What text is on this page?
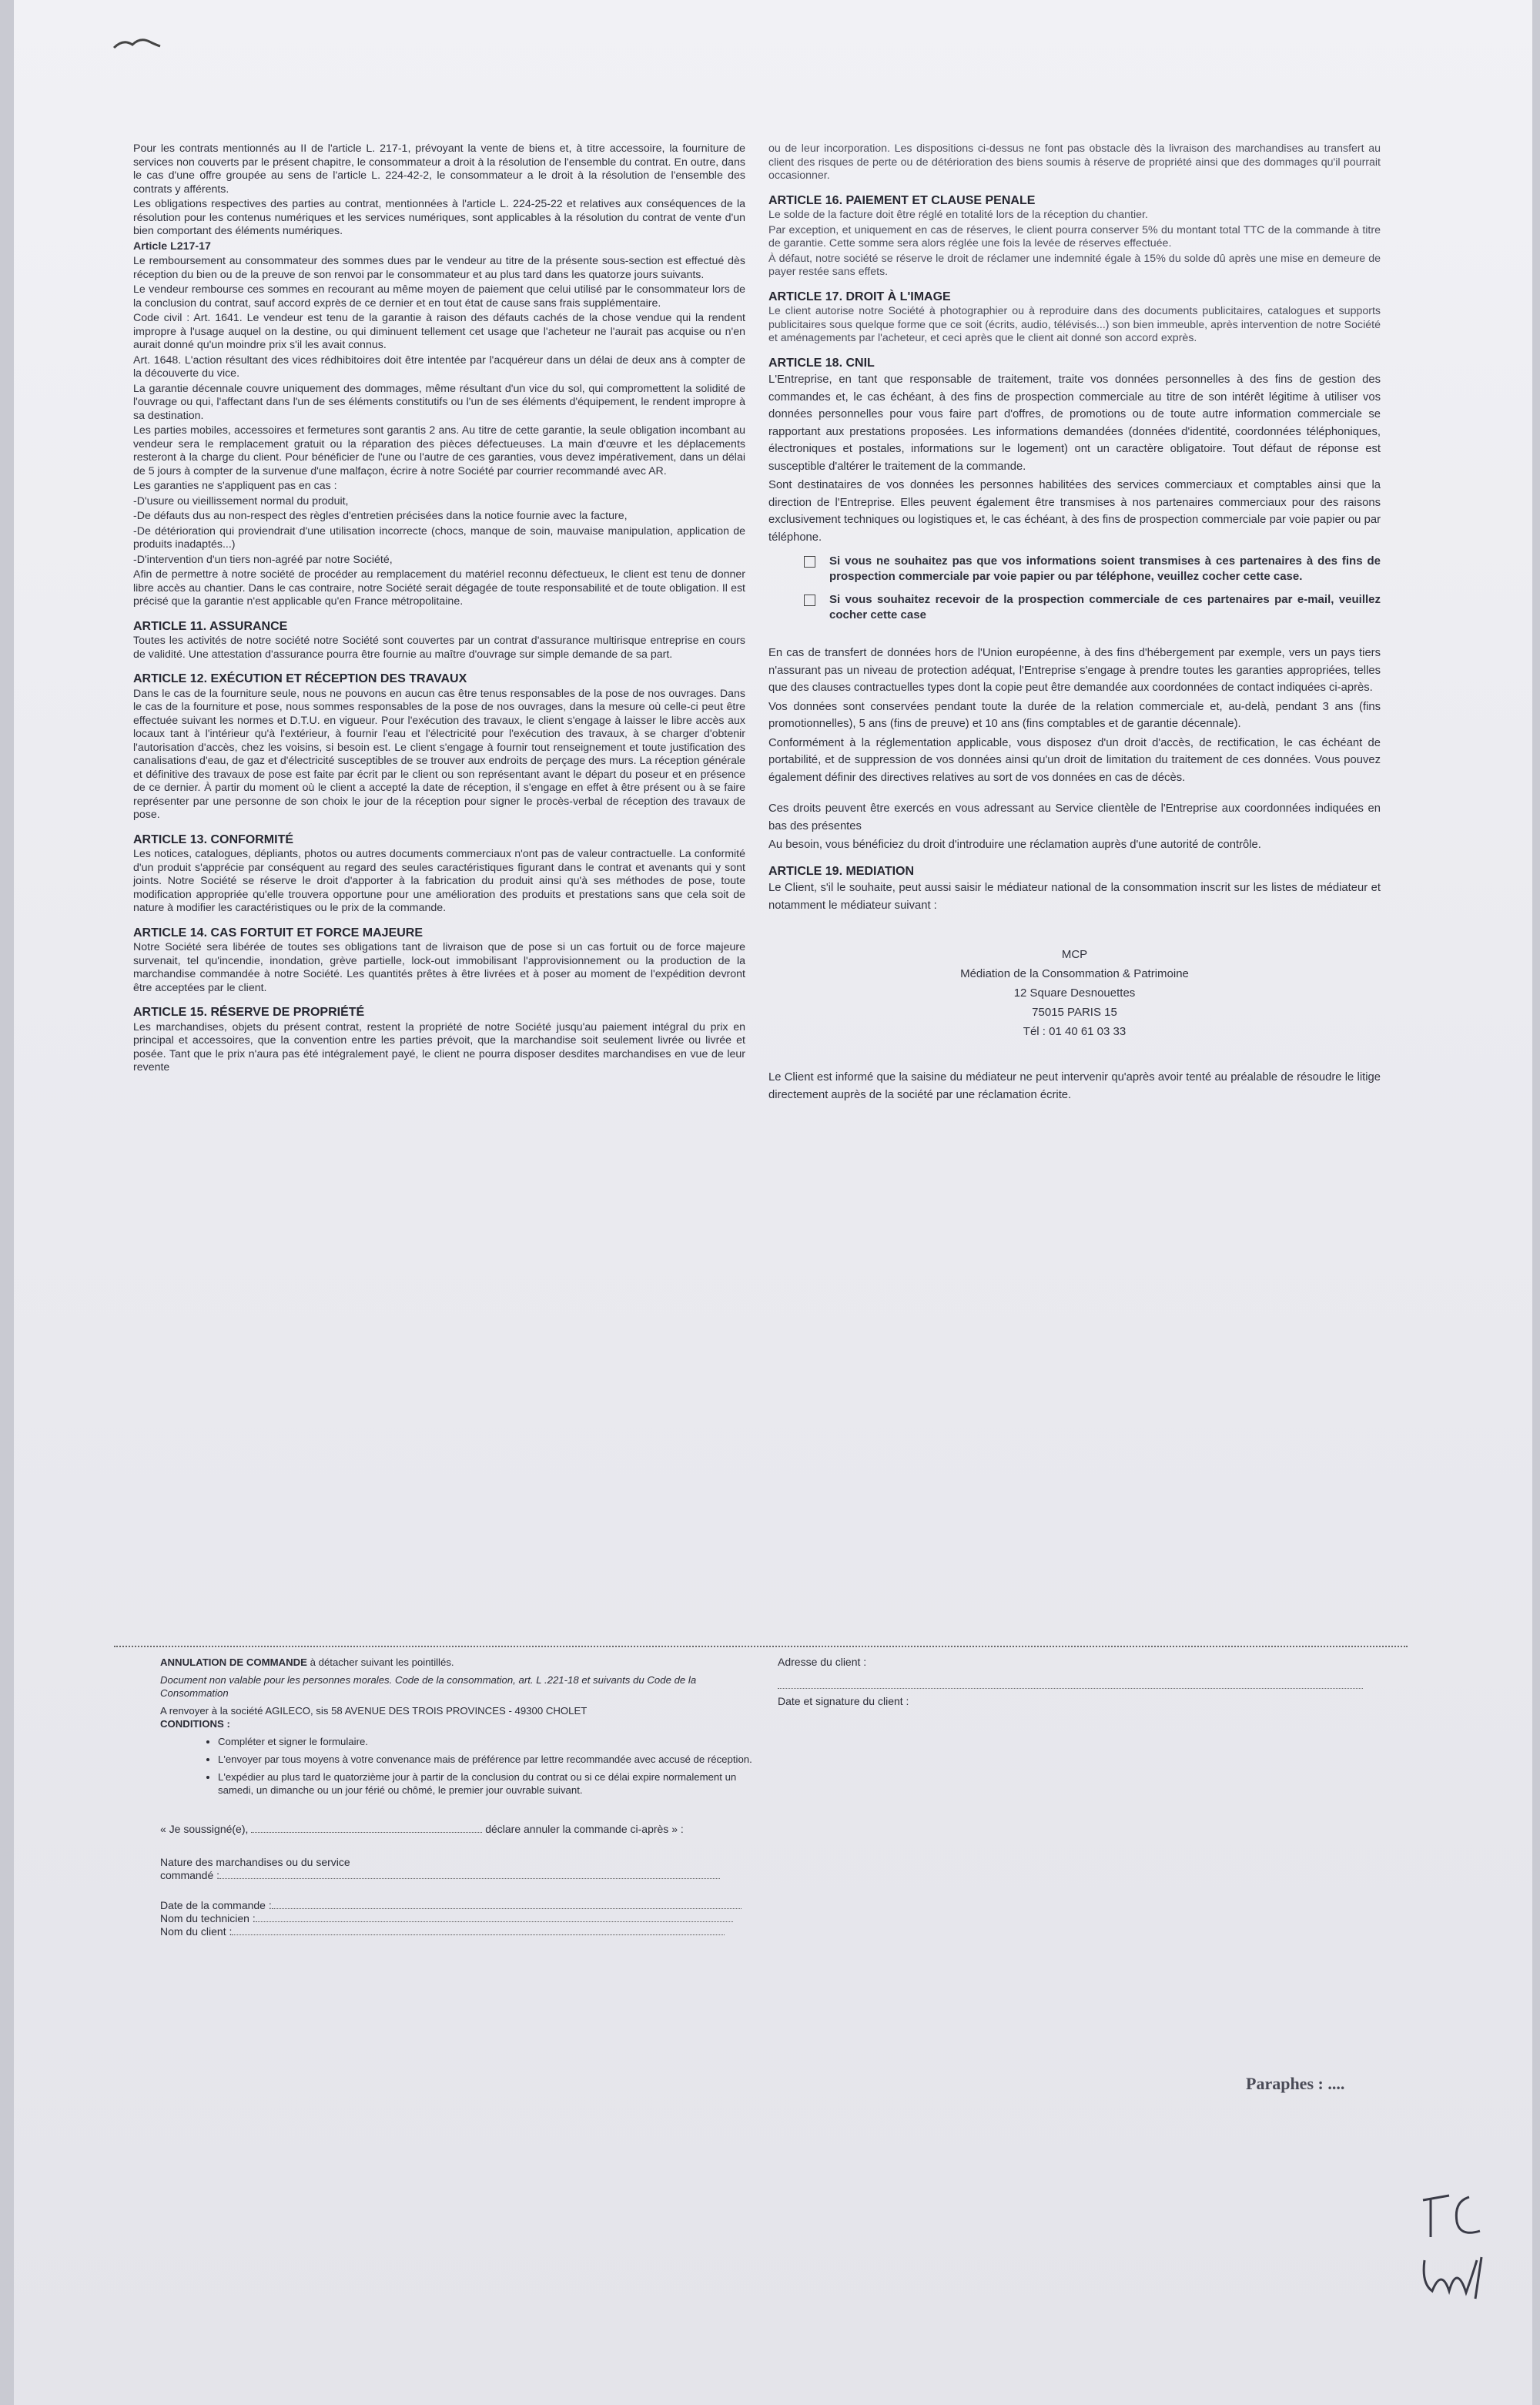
Pour les contrats mentionnés au II de l'article L. 217-1, prévoyant la vente de biens et, à titre accessoire, la fourniture de services non couverts par le présent chapitre, le consommateur a droit à la résolution de l'ensemble du contrat. En outre, dans le cas d'une offre groupée au sens de l'article L. 224-42-2, le consommateur a le droit à la résolution de l'ensemble des contrats y afférents.

Les obligations respectives des parties au contrat, mentionnées à l'article L. 224-25-22 et relatives aux conséquences de la résolution pour les contenus numériques et les services numériques, sont applicables à la résolution du contrat de vente d'un bien comportant des éléments numériques.

Article L217-17

Le remboursement au consommateur des sommes dues par le vendeur au titre de la présente sous-section est effectué dès réception du bien ou de la preuve de son renvoi par le consommateur et au plus tard dans les quatorze jours suivants.

Le vendeur rembourse ces sommes en recourant au même moyen de paiement que celui utilisé par le consommateur lors de la conclusion du contrat, sauf accord exprès de ce dernier et en tout état de cause sans frais supplémentaire.

Code civil : Art. 1641. Le vendeur est tenu de la garantie à raison des défauts cachés de la chose vendue qui la rendent impropre à l'usage auquel on la destine, ou qui diminuent tellement cet usage que l'acheteur ne l'aurait pas acquise ou n'en aurait donné qu'un moindre prix s'il les avait connus.

Art. 1648. L'action résultant des vices rédhibitoires doit être intentée par l'acquéreur dans un délai de deux ans à compter de la découverte du vice.

La garantie décennale couvre uniquement des dommages, même résultant d'un vice du sol, qui compromettent la solidité de l'ouvrage ou qui, l'affectant dans l'un de ses éléments constitutifs ou l'un de ses éléments d'équipement, le rendent impropre à sa destination.

Les parties mobiles, accessoires et fermetures sont garantis 2 ans. Au titre de cette garantie, la seule obligation incombant au vendeur sera le remplacement gratuit ou la réparation des pièces défectueuses. La main d'œuvre et les déplacements resteront à la charge du client. Pour bénéficier de l'une ou l'autre de ces garanties, vous devez impérativement, dans un délai de 5 jours à compter de la survenue d'une malfaçon, écrire à notre Société par courrier recommandé avec AR.

Les garanties ne s'appliquent pas en cas :

-D'usure ou vieillissement normal du produit,

-De défauts dus au non-respect des règles d'entretien précisées dans la notice fournie avec la facture,

-De détérioration qui proviendrait d'une utilisation incorrecte (chocs, manque de soin, mauvaise manipulation, application de produits inadaptés...)

-D'intervention d'un tiers non-agréé par notre Société,

Afin de permettre à notre société de procéder au remplacement du matériel reconnu défectueux, le client est tenu de donner libre accès au chantier. Dans le cas contraire, notre Société serait dégagée de toute responsabilité et de toute obligation. Il est précisé que la garantie n'est applicable qu'en France métropolitaine.

ARTICLE 11. ASSURANCE

Toutes les activités de notre société notre Société sont couvertes par un contrat d'assurance multirisque entreprise en cours de validité. Une attestation d'assurance pourra être fournie au maître d'ouvrage sur simple demande de sa part.

ARTICLE 12. EXÉCUTION ET RÉCEPTION DES TRAVAUX

Dans le cas de la fourniture seule, nous ne pouvons en aucun cas être tenus responsables de la pose de nos ouvrages. Dans le cas de la fourniture et pose, nous sommes responsables de la pose de nos ouvrages, dans la mesure où celle-ci peut être effectuée suivant les normes et D.T.U. en vigueur. Pour l'exécution des travaux, le client s'engage à laisser le libre accès aux locaux tant à l'intérieur qu'à l'extérieur, à fournir l'eau et l'électricité pour l'exécution des travaux, à se charger d'obtenir l'autorisation d'accès, chez les voisins, si besoin est. Le client s'engage à fournir tout renseignement et toute justification des canalisations d'eau, de gaz et d'électricité susceptibles de se trouver aux endroits de perçage des murs. La réception générale et définitive des travaux de pose est faite par écrit par le client ou son représentant avant le départ du poseur et en présence de ce dernier. À partir du moment où le client a accepté la date de réception, il s'engage en effet à être présent ou à se faire représenter par une personne de son choix le jour de la réception pour signer le procès-verbal de réception des travaux de pose.

ARTICLE 13. CONFORMITÉ

Les notices, catalogues, dépliants, photos ou autres documents commerciaux n'ont pas de valeur contractuelle. La conformité d'un produit s'apprécie par conséquent au regard des seules caractéristiques figurant dans le contrat et avenants qui y sont joints. Notre Société se réserve le droit d'apporter à la fabrication du produit ainsi qu'à ses méthodes de pose, toute modification appropriée qu'elle trouvera opportune pour une amélioration des produits et prestations sans que cela soit de nature à modifier les caractéristiques ou le prix de la commande.

ARTICLE 14. CAS FORTUIT ET FORCE MAJEURE

Notre Société sera libérée de toutes ses obligations tant de livraison que de pose si un cas fortuit ou de force majeure survenait, tel qu'incendie, inondation, grève partielle, lock-out immobilisant l'approvisionnement ou la production de la marchandise commandée à notre Société. Les quantités prêtes à être livrées et à poser au moment de l'expédition devront être acceptées par le client.

ARTICLE 15. RÉSERVE DE PROPRIÉTÉ

Les marchandises, objets du présent contrat, restent la propriété de notre Société jusqu'au paiement intégral du prix en principal et accessoires, que la convention entre les parties prévoit, que la marchandise soit seulement livrée ou livrée et posée. Tant que le prix n'aura pas été intégralement payé, le client ne pourra disposer desdites marchandises en vue de leur revente

ou de leur incorporation. Les dispositions ci-dessus ne font pas obstacle dès la livraison des marchandises au transfert au client des risques de perte ou de détérioration des biens soumis à réserve de propriété ainsi que des dommages qu'il pourrait occasionner.

ARTICLE 16. PAIEMENT ET CLAUSE PENALE

Le solde de la facture doit être réglé en totalité lors de la réception du chantier.

Par exception, et uniquement en cas de réserves, le client pourra conserver 5% du montant total TTC de la commande à titre de garantie. Cette somme sera alors réglée une fois la levée de réserves effectuée.

À défaut, notre société se réserve le droit de réclamer une indemnité égale à 15% du solde dû après une mise en demeure de payer restée sans effets.

ARTICLE 17. DROIT À L'IMAGE

Le client autorise notre Société à photographier ou à reproduire dans des documents publicitaires, catalogues et supports publicitaires sous quelque forme que ce soit (écrits, audio, télévisés...) son bien immeuble, après intervention de notre Société et aménagements par l'acheteur, et ceci après que le client ait donné son accord exprès.

ARTICLE 18. CNIL

L'Entreprise, en tant que responsable de traitement, traite vos données personnelles à des fins de gestion des commandes et, le cas échéant, à des fins de prospection commerciale au titre de son intérêt légitime à utiliser vos données personnelles pour vous faire part d'offres, de promotions ou de toute autre information commerciale se rapportant aux prestations proposées. Les informations demandées (données d'identité, coordonnées téléphoniques, électroniques et postales, informations sur le logement) ont un caractère obligatoire. Tout défaut de réponse est susceptible d'altérer le traitement de la commande.

Sont destinataires de vos données les personnes habilitées des services commerciaux et comptables ainsi que la direction de l'Entreprise. Elles peuvent également être transmises à nos partenaires commerciaux pour des raisons exclusivement techniques ou logistiques et, le cas échéant, à des fins de prospection commerciale par voie papier ou par téléphone.

Si vous ne souhaitez pas que vos informations soient transmises à ces partenaires à des fins de prospection commerciale par voie papier ou par téléphone, veuillez cocher cette case.
Si vous souhaitez recevoir de la prospection commerciale de ces partenaires par e-mail, veuillez cocher cette case

En cas de transfert de données hors de l'Union européenne, à des fins d'hébergement par exemple, vers un pays tiers n'assurant pas un niveau de protection adéquat, l'Entreprise s'engage à prendre toutes les garanties appropriées, telles que des clauses contractuelles types dont la copie peut être demandée aux coordonnées de contact indiquées ci-après.

Vos données sont conservées pendant toute la durée de la relation commerciale et, au-delà, pendant 3 ans (fins promotionnelles), 5 ans (fins de preuve) et 10 ans (fins comptables et de garantie décennale).

Conformément à la réglementation applicable, vous disposez d'un droit d'accès, de rectification, le cas échéant de portabilité, et de suppression de vos données ainsi qu'un droit de limitation du traitement de ces données. Vous pouvez également définir des directives relatives au sort de vos données en cas de décès.

Ces droits peuvent être exercés en vous adressant au Service clientèle de l'Entreprise aux coordonnées indiquées en bas des présentes

Au besoin, vous bénéficiez du droit d'introduire une réclamation auprès d'une autorité de contrôle.

ARTICLE 19. MEDIATION

Le Client, s'il le souhaite, peut aussi saisir le médiateur national de la consommation inscrit sur les listes de médiateur et notamment le médiateur suivant :

MCP
Médiation de la Consommation & Patrimoine
12 Square Desnouettes
75015 PARIS 15
Tél : 01 40 61 03 33

Le Client est informé que la saisine du médiateur ne peut intervenir qu'après avoir tenté au préalable de résoudre le litige directement auprès de la société par une réclamation écrite.

ANNULATION DE COMMANDE à détacher suivant les pointillés.

Document non valable pour les personnes morales. Code de la consommation, art. L .221-18 et suivants du Code de la Consommation

A renvoyer à la société AGILECO, sis 58 AVENUE DES TROIS PROVINCES - 49300 CHOLET

CONDITIONS :

• Compléter et signer le formulaire.
• L'envoyer par tous moyens à votre convenance mais de préférence par lettre recommandée avec accusé de réception.
• L'expédier au plus tard le quatorzième jour à partir de la conclusion du contrat ou si ce délai expire normalement un samedi, un dimanche ou un jour férié ou chômé, le premier jour ouvrable suivant.

« Je soussigné(e),	déclare annuler la commande ci-après » :

Nature des marchandises ou du service

commandé :

Date de la commande :

Nom du technicien :

Nom du client :

Adresse du client :
Date et signature du client :
Paraphes : ....
